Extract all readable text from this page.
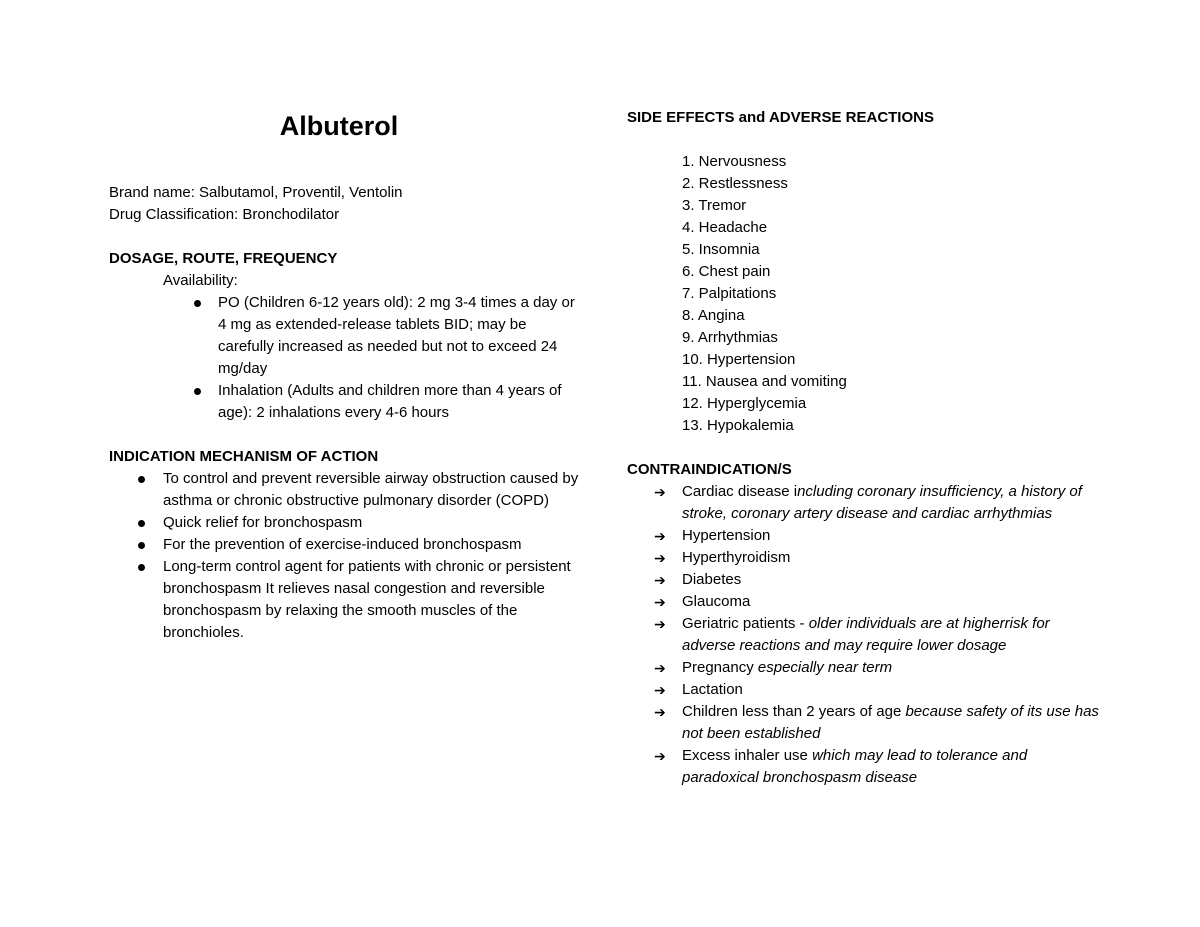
Albuterol
Brand name: Salbutamol, Proventil, Ventolin
Drug Classification: Bronchodilator
DOSAGE, ROUTE, FREQUENCY
Availability:
PO (Children 6-12 years old): 2 mg 3-4 times a day or 4 mg as extended-release tablets BID; may be carefully increased as needed but not to exceed 24 mg/day
Inhalation (Adults and children more than 4 years of age): 2 inhalations every 4-6 hours
INDICATION MECHANISM OF ACTION
To control and prevent reversible airway obstruction caused by asthma or chronic obstructive pulmonary disorder (COPD)
Quick relief for bronchospasm
For the prevention of exercise-induced bronchospasm
Long-term control agent for patients with chronic or persistent bronchospasm It relieves nasal congestion and reversible bronchospasm by relaxing the smooth muscles of the bronchioles.
SIDE EFFECTS and ADVERSE REACTIONS
1. Nervousness
2. Restlessness
3. Tremor
4. Headache
5. Insomnia
6. Chest pain
7. Palpitations
8. Angina
9. Arrhythmias
10. Hypertension
11. Nausea and vomiting
12. Hyperglycemia
13. Hypokalemia
CONTRAINDICATION/S
➔ Cardiac disease including coronary insufficiency, a history of stroke, coronary artery disease and cardiac arrhythmias
➔ Hypertension
➔ Hyperthyroidism
➔ Diabetes
➔ Glaucoma
➔ Geriatric patients - older individuals are at higherrisk for adverse reactions and may require lower dosage
➔ Pregnancy especially near term
➔ Lactation
➔ Children less than 2 years of age because safety of its use has not been established
➔ Excess inhaler use which may lead to tolerance and paradoxical bronchospasm disease
